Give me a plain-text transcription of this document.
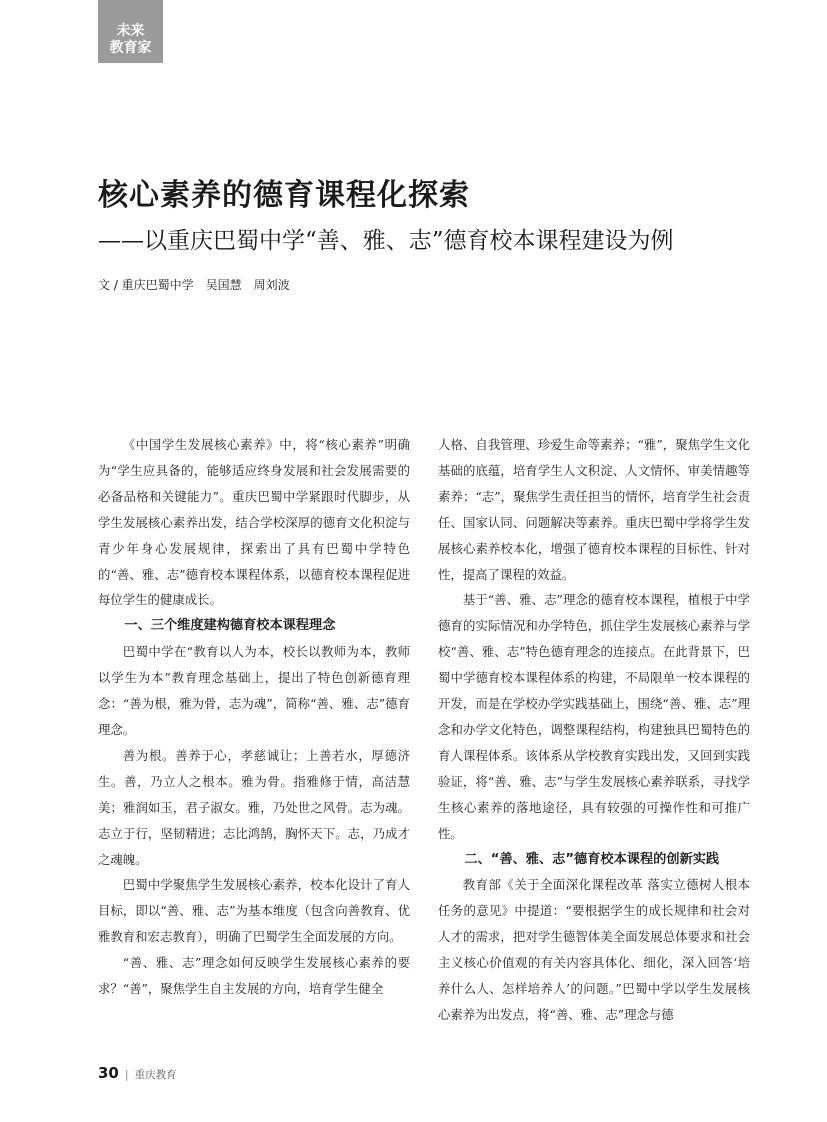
未来
教育家
核心素养的德育课程化探索
——以重庆巴蜀中学“善、雅、志”德育校本课程建设为例
文 / 重庆巴蜀中学　吴国慧　周刘波

《中国学生发展核心素养》中，将“核心素养”明确为“学生应具备的，能够适应终身发展和社会发展需要的必备品格和关键能力”。重庆巴蜀中学紧跟时代脚步，从学生发展核心素养出发，结合学校深厚的德育文化积淀与青少年身心发展规律，探索出了具有巴蜀中学特色的“善、雅、志”德育校本课程体系，以德育校本课程促进每位学生的健康成长。

一、三个维度建构德育校本课程理念

巴蜀中学在“教育以人为本，校长以教师为本，教师以学生为本”教育理念基础上，提出了特色创新德育理念：“善为根，雅为骨，志为魂”，简称“善、雅、志”德育理念。

善为根。善养于心，孝慈诚让；上善若水，厚德济生。善，乃立人之根本。雅为骨。指雅修于情，高洁慧美；雅润如玉，君子淑女。雅，乃处世之风骨。志为魂。志立于行，坚韧精进；志比鸿鹄，胸怀天下。志，乃成才之魂魄。

巴蜀中学聚焦学生发展核心素养，校本化设计了育人目标，即以“善、雅、志”为基本维度（包含向善教育、优雅教育和宏志教育），明确了巴蜀学生全面发展的方向。

“善、雅、志”理念如何反映学生发展核心素养的要求？“善”，聚焦学生自主发展的方向，培育学生健全

人格、自我管理、珍爱生命等素养；“雅”，聚焦学生文化基础的底蕴，培育学生人文积淀、人文情怀、审美情趣等素养；“志”，聚焦学生责任担当的情怀，培育学生社会责任、国家认同、问题解决等素养。重庆巴蜀中学将学生发展核心素养校本化，增强了德育校本课程的目标性、针对性，提高了课程的效益。

基于“善、雅、志”理念的德育校本课程，植根于中学德育的实际情况和办学特色，抓住学生发展核心素养与学校“善、雅、志”特色德育理念的连接点。在此背景下，巴蜀中学德育校本课程体系的构建，不局限单一校本课程的开发，而是在学校办学实践基础上，围绕“善、雅、志”理念和办学文化特色，调整课程结构，构建独具巴蜀特色的育人课程体系。该体系从学校教育实践出发，又回到实践验证，将“善、雅、志”与学生发展核心素养联系，寻找学生核心素养的落地途径，具有较强的可操作性和可推广性。

二、“善、雅、志”德育校本课程的创新实践

教育部《关于全面深化课程改革 落实立德树人根本任务的意见》中提道：“要根据学生的成长规律和社会对人才的需求，把对学生德智体美全面发展总体要求和社会主义核心价值观的有关内容具体化、细化，深入回答‘培养什么人、怎样培养人’的问题。”巴蜀中学以学生发展核心素养为出发点，将“善、雅、志”理念与德

30 | 重庆教育
